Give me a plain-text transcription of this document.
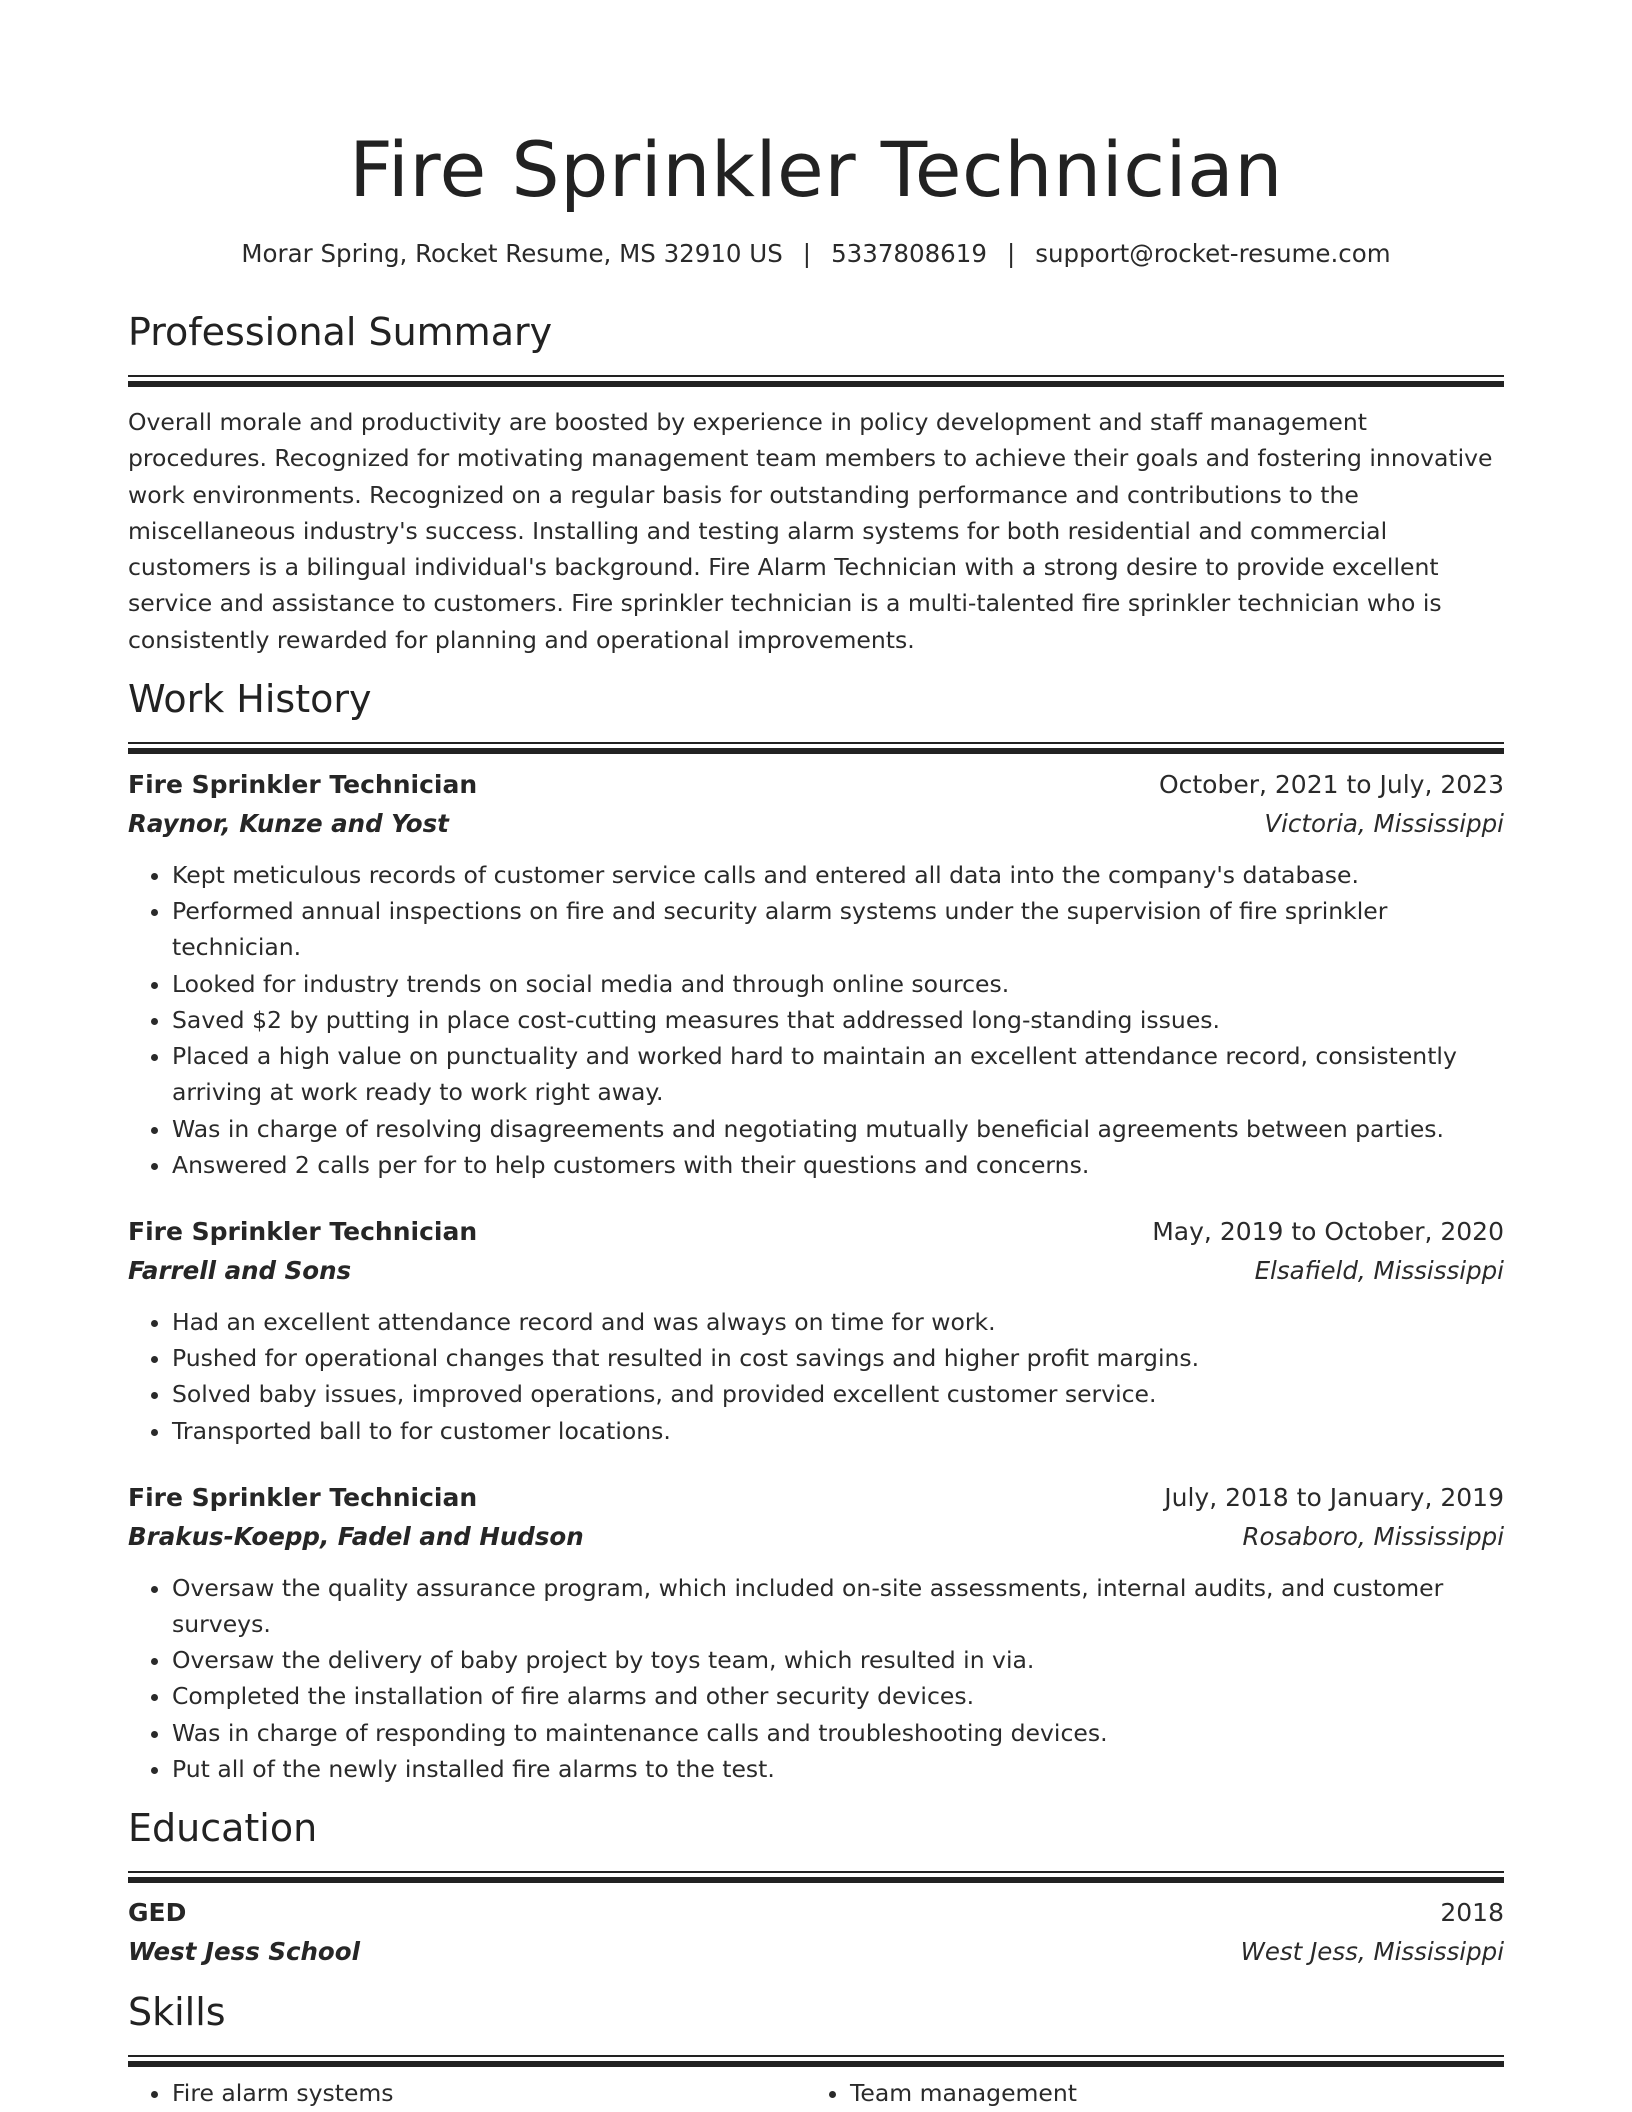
Fire Sprinkler Technician
Morar Spring, Rocket Resume, MS 32910 US | 5337808619 | support@rocket-resume.com
Professional Summary

Overall morale and productivity are boosted by experience in policy development and staff management procedures. Recognized for motivating management team members to achieve their goals and fostering innovative work environments. Recognized on a regular basis for outstanding performance and contributions to the miscellaneous industry's success. Installing and testing alarm systems for both residential and commercial customers is a bilingual individual's background. Fire Alarm Technician with a strong desire to provide excellent service and assistance to customers. Fire sprinkler technician is a multi-talented fire sprinkler technician who is consistently rewarded for planning and operational improvements.

Work History
Fire Sprinkler Technician	October, 2021 to July, 2023
Raynor, Kunze and Yost	Victoria, Mississippi
• Kept meticulous records of customer service calls and entered all data into the company's database.
• Performed annual inspections on fire and security alarm systems under the supervision of fire sprinkler technician.
• Looked for industry trends on social media and through online sources.
• Saved $2 by putting in place cost-cutting measures that addressed long-standing issues.
• Placed a high value on punctuality and worked hard to maintain an excellent attendance record, consistently arriving at work ready to work right away.
• Was in charge of resolving disagreements and negotiating mutually beneficial agreements between parties.
• Answered 2 calls per for to help customers with their questions and concerns.
Fire Sprinkler Technician	May, 2019 to October, 2020
Farrell and Sons	Elsafield, Mississippi
• Had an excellent attendance record and was always on time for work.
• Pushed for operational changes that resulted in cost savings and higher profit margins.
• Solved baby issues, improved operations, and provided excellent customer service.
• Transported ball to for customer locations.
Fire Sprinkler Technician	July, 2018 to January, 2019
Brakus-Koepp, Fadel and Hudson	Rosaboro, Mississippi
• Oversaw the quality assurance program, which included on-site assessments, internal audits, and customer surveys.
• Oversaw the delivery of baby project by toys team, which resulted in via.
• Completed the installation of fire alarms and other security devices.
• Was in charge of responding to maintenance calls and troubleshooting devices.
• Put all of the newly installed fire alarms to the test.
Education
GED	2018
West Jess School	West Jess, Mississippi
Skills
• Fire alarm systems
•	Team management
